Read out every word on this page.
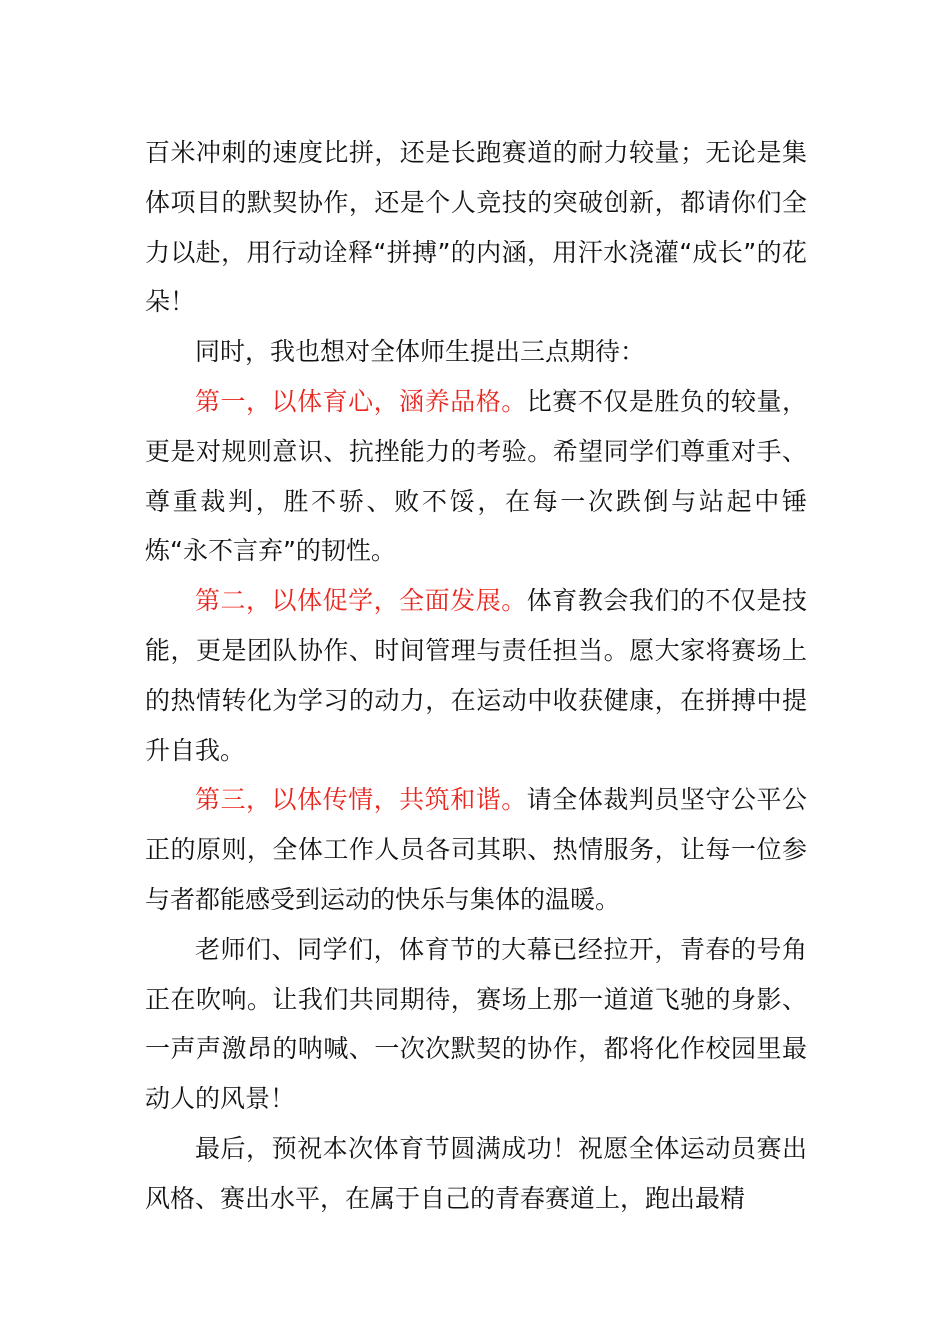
百米冲刺的速度比拼，还是长跑赛道的耐力较量；无论是集体项目的默契协作，还是个人竞技的突破创新，都请你们全力以赴，用行动诠释“拼搏”的内涵，用汗水浇灌“成长”的花朵！

同时，我也想对全体师生提出三点期待：

第一，以体育心，涵养品格。比赛不仅是胜负的较量，更是对规则意识、抗挫能力的考验。希望同学们尊重对手、尊重裁判，胜不骄、败不馁，在每一次跌倒与站起中锤炼“永不言弃”的韧性。

第二，以体促学，全面发展。体育教会我们的不仅是技能，更是团队协作、时间管理与责任担当。愿大家将赛场上的热情转化为学习的动力，在运动中收获健康，在拼搏中提升自我。

第三，以体传情，共筑和谐。请全体裁判员坚守公平公正的原则，全体工作人员各司其职、热情服务，让每一位参与者都能感受到运动的快乐与集体的温暖。

老师们、同学们，体育节的大幕已经拉开，青春的号角正在吹响。让我们共同期待，赛场上那一道道飞驰的身影、一声声激昂的呐喊、一次次默契的协作，都将化作校园里最动人的风景！

最后，预祝本次体育节圆满成功！祝愿全体运动员赛出风格、赛出水平，在属于自己的青春赛道上，跑出最精
